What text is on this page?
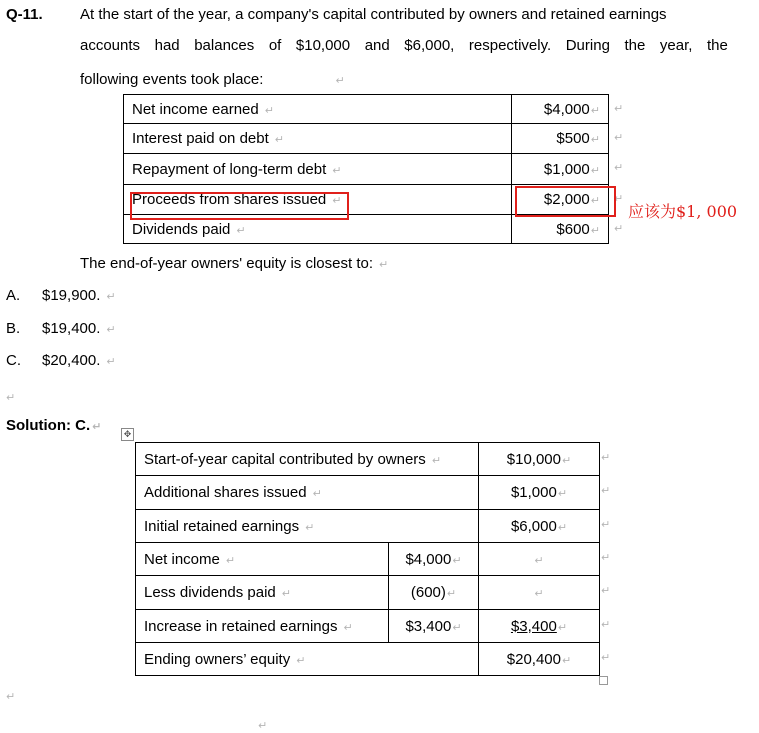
Q-11. At the start of the year, a company's capital contributed by owners and retained earnings
accounts had balances of $10,000 and $6,000, respectively. During the year, the
following events took place:	↵
Net income earned ↵	$4,000↵
Interest paid on debt ↵	$500↵
Repayment of long-term debt ↵	$1,000↵
Proceeds from shares issued ↵	$2,000↵
Dividends paid ↵	$600↵
↵
↵
↵
↵
↵
应该为$1, 000
The end-of-year owners' equity is closest to: ↵
A. $19,900. ↵
B. $19,400. ↵
C. $20,400. ↵
↵
Solution: C. ↵
✥
Start-of-year capital contributed by owners ↵		$10,000↵
Additional shares issued ↵		$1,000↵
Initial retained earnings ↵		$6,000↵
Net income ↵	$4,000↵	↵
Less dividends paid ↵	(600)↵	↵
Increase in retained earnings ↵	$3,400↵	$3,400↵
Ending owners’ equity ↵		$20,400↵
↵
↵
↵
↵
↵
↵
↵
↵
↵
